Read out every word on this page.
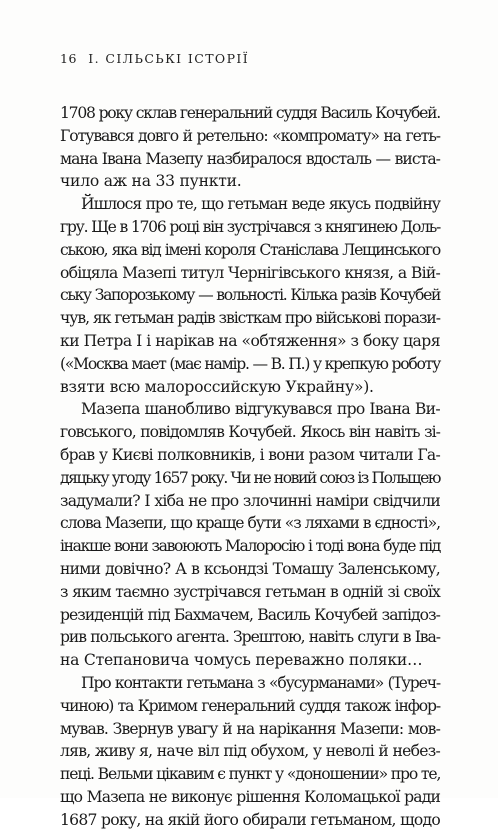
16 І. СІЛЬСЬКІ ІСТОРІЇ
1708 року склав генеральний суддя Василь Кочубей.
Готувався довго й ретельно: «компромату» на геть-
мана Івана Мазепу назбиралося вдосталь — виста-
чило аж на 33 пункти.
Йшлося про те, що гетьман веде якусь подвійну
гру. Ще в 1706 році він зустрічався з княгинею Доль-
ською, яка від імені короля Станіслава Лещинського
обіцяла Мазепі титул Чернігівського князя, а Вій-
ську Запорозькому — вольності. Кілька разів Кочубей
чув, як гетьман радів звісткам про військові порази-
ки Петра І і нарікав на «обтяження» з боку царя
(«Москва мает (має намір. — В. П.) у крепкую роботу
взяти всю малороссийскую Украйну»).
Мазепа шанобливо відгукувався про Івана Ви-
говського, повідомляв Кочубей. Якось він навіть зі-
брав у Києві полковників, і вони разом читали Га-
дяцьку угоду 1657 року. Чи не новий союз із Польщею
задумали? І хіба не про злочинні наміри свідчили
слова Мазепи, що краще бути «з ляхами в єдності»,
інакше вони завоюють Малоросію і тоді вона буде під
ними довічно? А в ксьондзі Томашу Заленському,
з яким таємно зустрічався гетьман в одній зі своїх
резиденцій під Бахмачем, Василь Кочубей запідоз-
рив польського агента. Зрештою, навіть слуги в Іва-
на Степановича чомусь переважно поляки…
Про контакти гетьмана з «бусурманами» (Туреч-
чиною) та Кримом генеральний суддя також інфор-
мував. Звернув увагу й на нарікання Мазепи: мов-
ляв, живу я, наче віл під обухом, у неволі й небез-
пеці. Вельми цікавим є пункт у «доношении» про те,
що Мазепа не виконує рішення Коломацької ради
1687 року, на якій його обирали гетьманом, щодо
